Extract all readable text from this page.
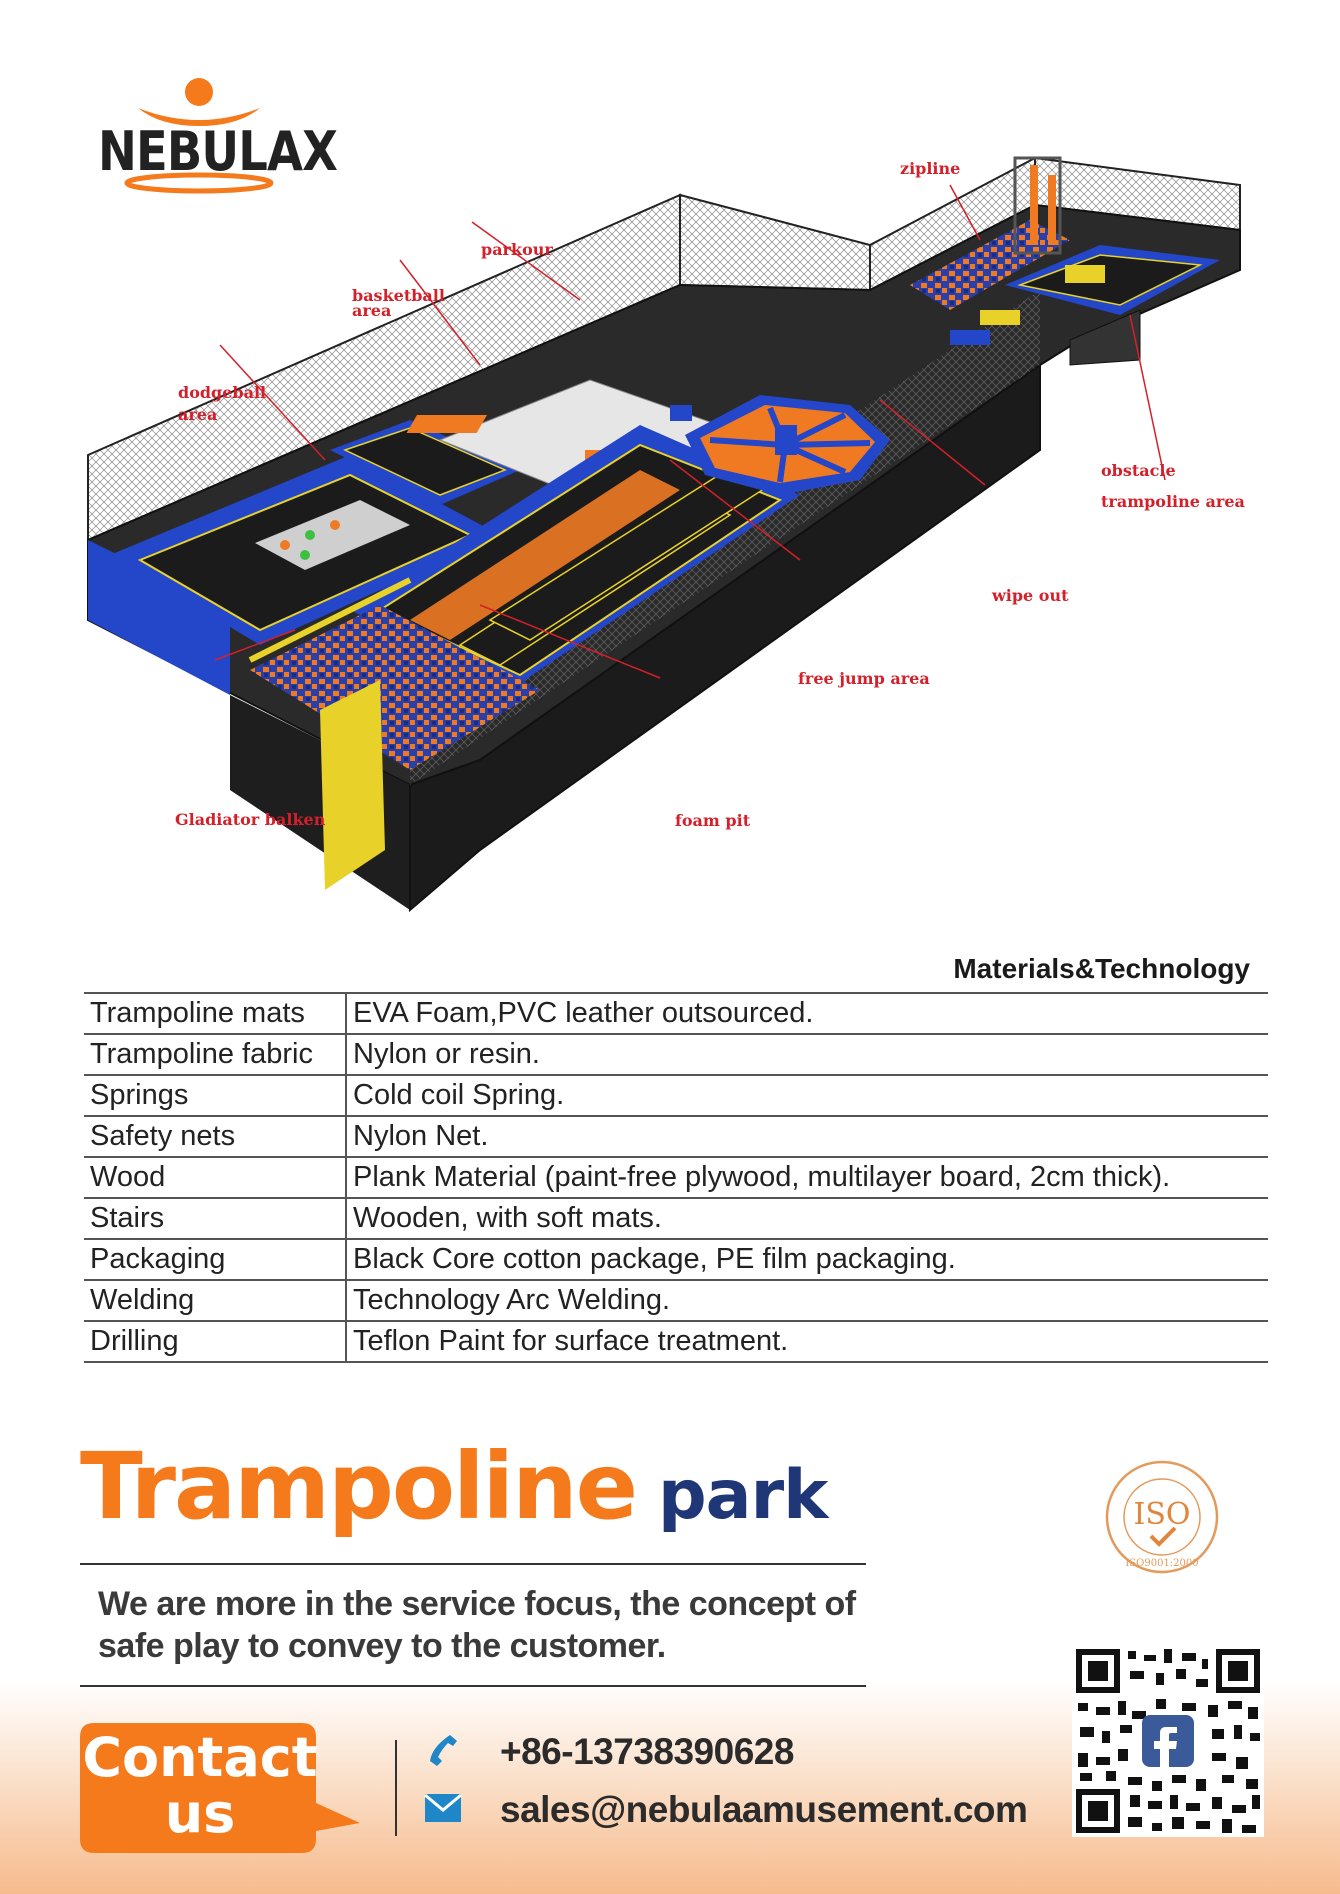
NEBULAX	zipline
parkour
basketball
area
dodgeball
area
obstacle
trampoline area
wipe out
free jump area
foam pit
Gladiator balken
Materials&Technology
Trampoline mats	EVA Foam,PVC leather outsourced.
Trampoline fabric	Nylon or resin.
Springs	Cold coil Spring.
Safety nets	Nylon Net.
Wood	Plank Material (paint-free plywood, multilayer board, 2cm thick).
Stairs	Wooden, with soft mats.
Packaging	Black Core cotton package, PE film packaging.
Welding	Technology Arc Welding.
Drilling	Teflon Paint for surface treatment.
Trampoline park
We are more in the service focus, the concept of safe play to convey to the customer.
ISO
ISO9001:2000
Contact
us
+86-13738390628
sales@nebulaamusement.com
